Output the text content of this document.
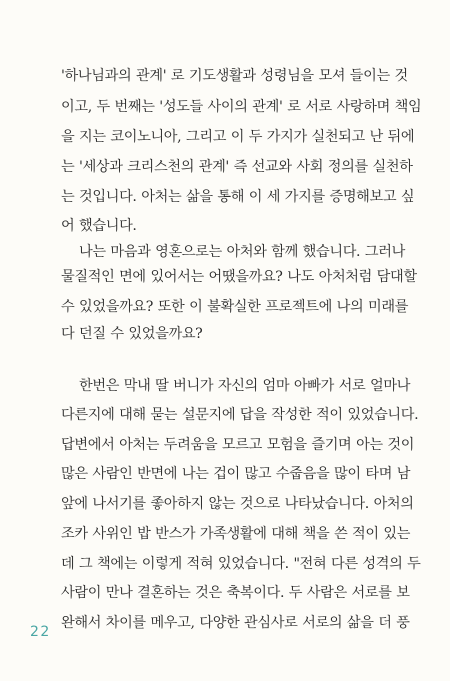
'하나님과의 관계' 로 기도생활과 성령님을 모셔 들이는 것
이고, 두 번째는 '성도들 사이의 관계' 로 서로 사랑하며 책임
을 지는 코이노니아, 그리고 이 두 가지가 실천되고 난 뒤에
는 '세상과 크리스천의 관계' 즉 선교와 사회 정의를 실천하
는 것입니다. 아처는 삶을 통해 이 세 가지를 증명해보고 싶
어 했습니다.
나는 마음과 영혼으로는 아처와 함께 했습니다. 그러나
물질적인 면에 있어서는 어땠을까요? 나도 아처처럼 담대할
수 있었을까요? 또한 이 불확실한 프로젝트에 나의 미래를
다 던질 수 있었을까요?
한번은 막내 딸 버니가 자신의 엄마 아빠가 서로 얼마나
다른지에 대해 묻는 설문지에 답을 작성한 적이 있었습니다.
답변에서 아처는 두려움을 모르고 모험을 즐기며 아는 것이
많은 사람인 반면에 나는 겁이 많고 수줍음을 많이 타며 남
앞에 나서기를 좋아하지 않는 것으로 나타났습니다. 아처의
조카 사위인 밥 반스가 가족생활에 대해 책을 쓴 적이 있는
데 그 책에는 이렇게 적혀 있었습니다. "전혀 다른 성격의 두
사람이 만나 결혼하는 것은 축복이다. 두 사람은 서로를 보
완해서 차이를 메우고, 다양한 관심사로 서로의 삶을 더 풍
22
